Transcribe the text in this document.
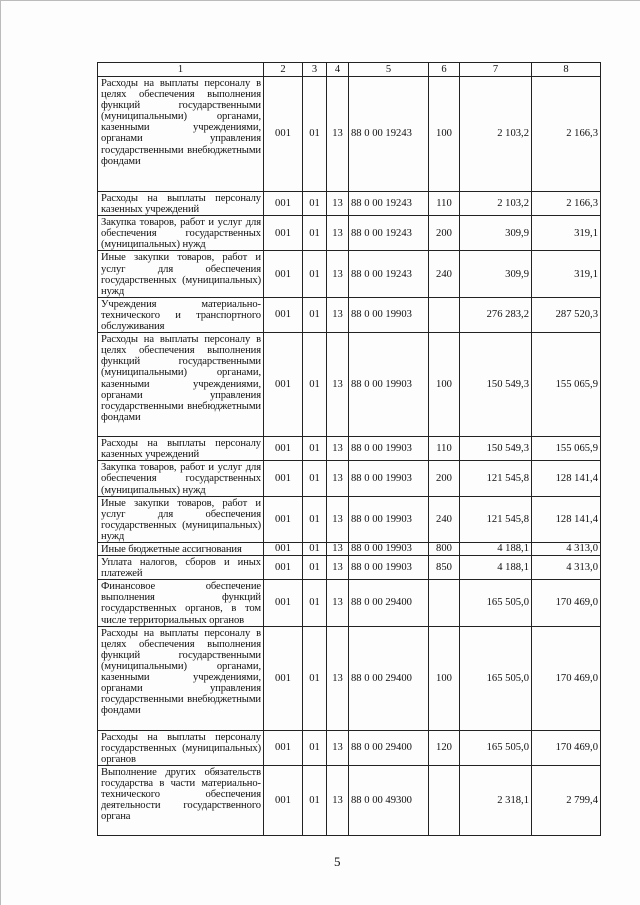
1	2	3	4	5	6	7	8
Расходы на выплаты персоналу в целях обеспечения выполнения функций государственными (муниципальными) органами, казенными учреждениями, органами управления государственными внебюджетными фондами	001	01	13	88 0 00 19243	100	2 103,2	2 166,3
Расходы на выплаты персоналу казенных учреждений	001	01	13	88 0 00 19243	110	2 103,2	2 166,3
Закупка товаров, работ и услуг для обеспечения государственных (муниципальных) нужд	001	01	13	88 0 00 19243	200	309,9	319,1
Иные закупки товаров, работ и услуг для обеспечения государственных (муниципальных) нужд	001	01	13	88 0 00 19243	240	309,9	319,1
Учреждения материально-технического и транспортного обслуживания	001	01	13	88 0 00 19903		276 283,2	287 520,3
Расходы на выплаты персоналу в целях обеспечения выполнения функций государственными (муниципальными) органами, казенными учреждениями, органами управления государственными внебюджетными фондами	001	01	13	88 0 00 19903	100	150 549,3	155 065,9
Расходы на выплаты персоналу казенных учреждений	001	01	13	88 0 00 19903	110	150 549,3	155 065,9
Закупка товаров, работ и услуг для обеспечения государственных (муниципальных) нужд	001	01	13	88 0 00 19903	200	121 545,8	128 141,4
Иные закупки товаров, работ и услуг для обеспечения государственных (муниципальных) нужд	001	01	13	88 0 00 19903	240	121 545,8	128 141,4
Иные бюджетные ассигнования	001	01	13	88 0 00 19903	800	4 188,1	4 313,0
Уплата налогов, сборов и иных платежей	001	01	13	88 0 00 19903	850	4 188,1	4 313,0
Финансовое обеспечение выполнения функций государственных органов, в том числе территориальных органов	001	01	13	88 0 00 29400		165 505,0	170 469,0
Расходы на выплаты персоналу в целях обеспечения выполнения функций государственными (муниципальными) органами, казенными учреждениями, органами управления государственными внебюджетными фондами	001	01	13	88 0 00 29400	100	165 505,0	170 469,0
Расходы на выплаты персоналу государственных (муниципальных) органов	001	01	13	88 0 00 29400	120	165 505,0	170 469,0
Выполнение других обязательств государства в части материально-технического обеспечения деятельности государственного органа	001	01	13	88 0 00 49300		2 318,1	2 799,4
5
